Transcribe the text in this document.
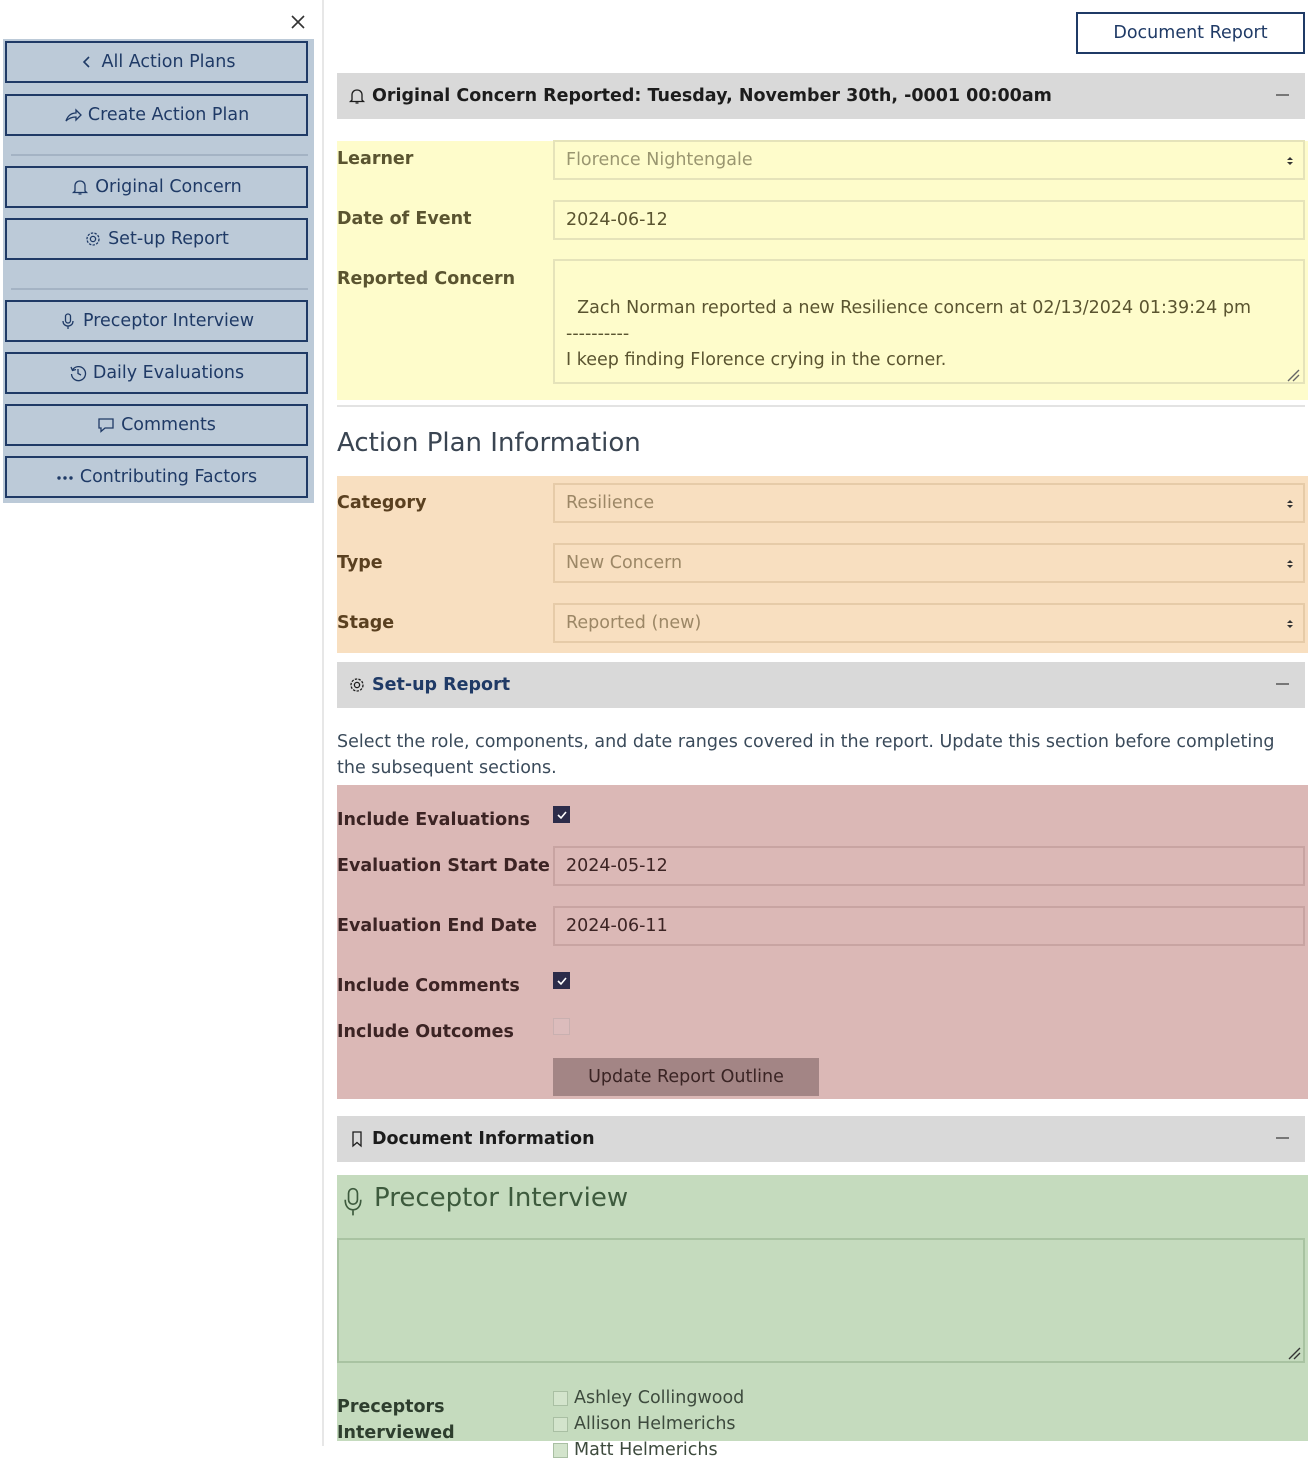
All Action Plans
Create Action Plan
Original Concern
Set-up Report
Preceptor Interview
Daily Evaluations
Comments
Contributing Factors
Document Report
Original Concern Reported: Tuesday, November 30th, -0001 00:00am
Learner	Florence Nightengale
Date of Event	2024-06-12
Reported Concern

Zach Norman reported a new Resilience concern at 02/13/2024 01:39:24 pm
----------
I keep finding Florence crying in the corner.

Action Plan Information
Category	Resilience
Type	New Concern
Stage	Reported (new)
Set-up Report
Select the role, components, and date ranges covered in the report. Update this section before completing the subsequent sections.
Include Evaluations
Evaluation Start Date 2024-05-12
Evaluation End Date 2024-06-11
Include Comments
Include Outcomes
Update Report Outline
Document Information
Preceptor Interview
Preceptors
Interviewed
Ashley Collingwood
Allison Helmerichs
Matt Helmerichs
